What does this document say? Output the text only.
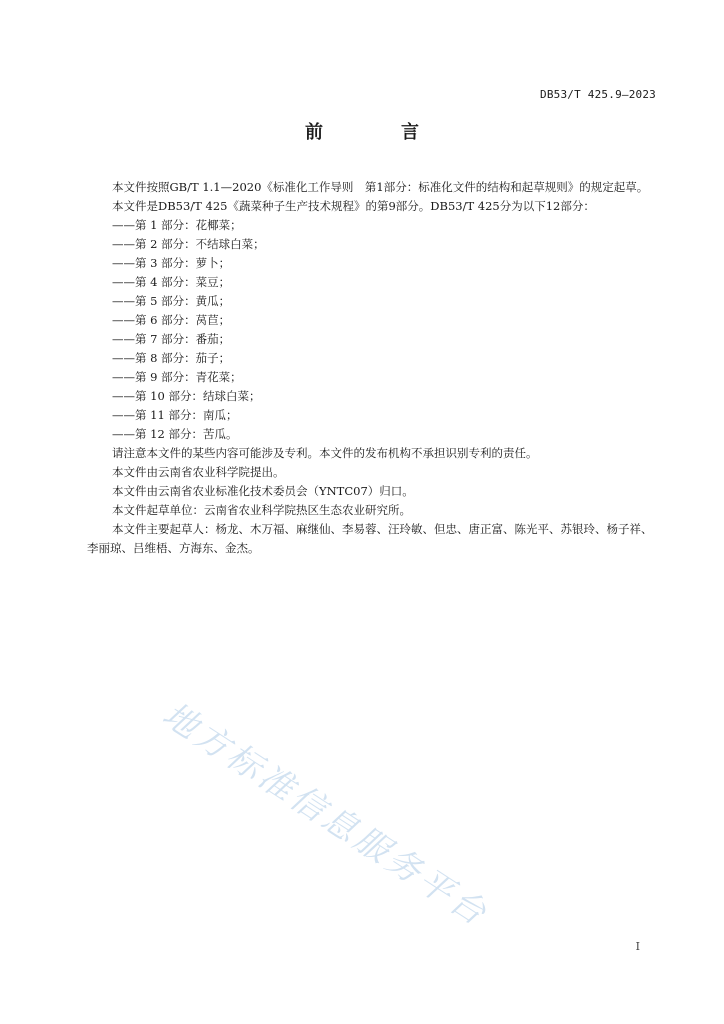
DB53/T 425.9—2023
前　言

本文件按照GB/T 1.1—2020《标准化工作导则　第1部分：标准化文件的结构和起草规则》的规定起草。

本文件是DB53/T 425《蔬菜种子生产技术规程》的第9部分。DB53/T 425分为以下12部分：

——第 1 部分：花椰菜；

——第 2 部分：不结球白菜；

——第 3 部分：萝卜；

——第 4 部分：菜豆；

——第 5 部分：黄瓜；

——第 6 部分：莴苣；

——第 7 部分：番茄；

——第 8 部分：茄子；

——第 9 部分：青花菜；

——第 10 部分：结球白菜；

——第 11 部分：南瓜；

——第 12 部分：苦瓜。

请注意本文件的某些内容可能涉及专利。本文件的发布机构不承担识别专利的责任。

本文件由云南省农业科学院提出。

本文件由云南省农业标准化技术委员会（YNTC07）归口。

本文件起草单位：云南省农业科学院热区生态农业研究所。

本文件主要起草人：杨龙、木万福、麻继仙、李易蓉、汪玲敏、但忠、唐正富、陈光平、苏银玲、杨子祥、李丽琼、吕维梧、方海东、金杰。

地方标准信息服务平台
I
